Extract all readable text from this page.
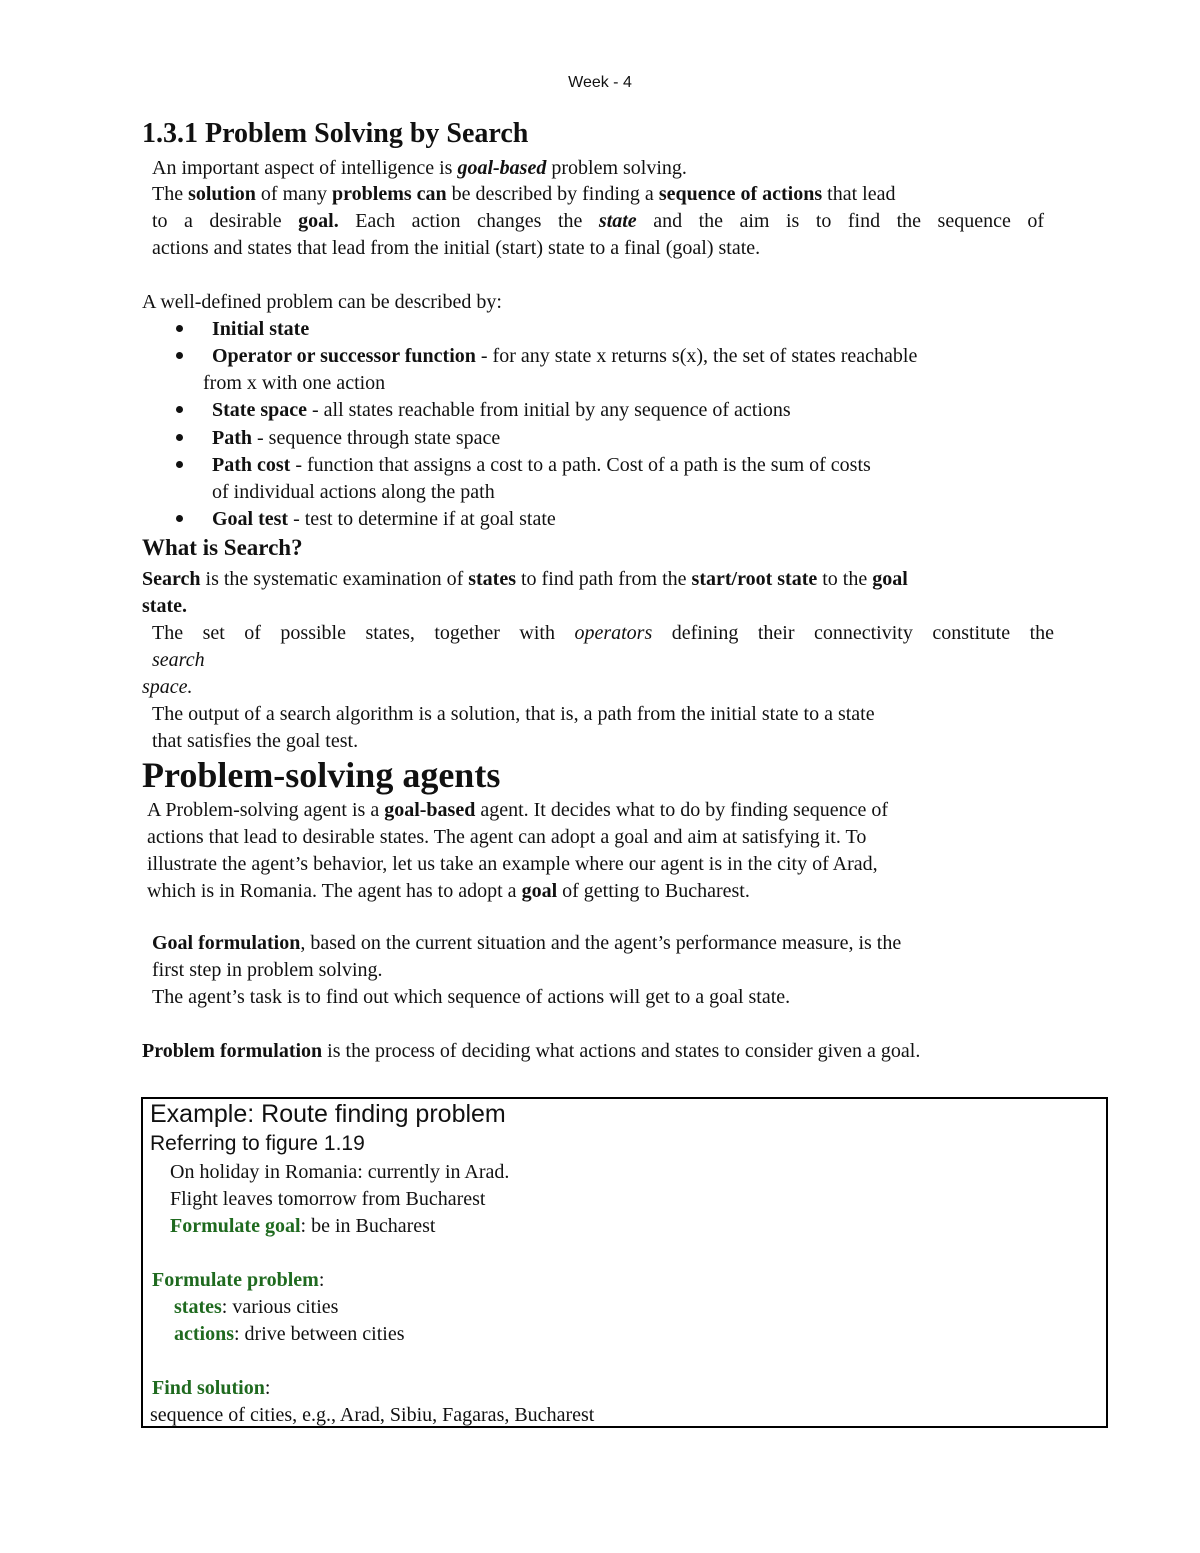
Week - 4
1.3.1 Problem Solving by Search
An important aspect of intelligence is goal-based problem solving.
The solution of many problems can be described by finding a sequence of actions that lead
to a desirable goal. Each action changes the state and the aim is to find the sequence of
actions and states that lead from the initial (start) state to a final (goal) state.
A well-defined problem can be described by:
Initial state
Operator or successor function - for any state x returns s(x), the set of states reachable
from x with one action
State space - all states reachable from initial by any sequence of actions
Path - sequence through state space
Path cost - function that assigns a cost to a path. Cost of a path is the sum of costs
of individual actions along the path
Goal test - test to determine if at goal state
What is Search?
Search is the systematic examination of states to find path from the start/root state to the goal
state.
The set of possible states, together with operators defining their connectivity constitute the
search
space.
The output of a search algorithm is a solution, that is, a path from the initial state to a state
that satisfies the goal test.
Problem-solving agents
A Problem-solving agent is a goal-based agent. It decides what to do by finding sequence of
actions that lead to desirable states. The agent can adopt a goal and aim at satisfying it. To
illustrate the agent’s behavior, let us take an example where our agent is in the city of Arad,
which is in Romania. The agent has to adopt a goal of getting to Bucharest.
Goal formulation, based on the current situation and the agent’s performance measure, is the
first step in problem solving.
The agent’s task is to find out which sequence of actions will get to a goal state.
Problem formulation is the process of deciding what actions and states to consider given a goal.
Example: Route finding problem
Referring to figure 1.19
On holiday in Romania: currently in Arad.
Flight leaves tomorrow from Bucharest
Formulate goal: be in Bucharest
Formulate problem:
states: various cities
actions: drive between cities
Find solution:
sequence of cities, e.g., Arad, Sibiu, Fagaras, Bucharest
